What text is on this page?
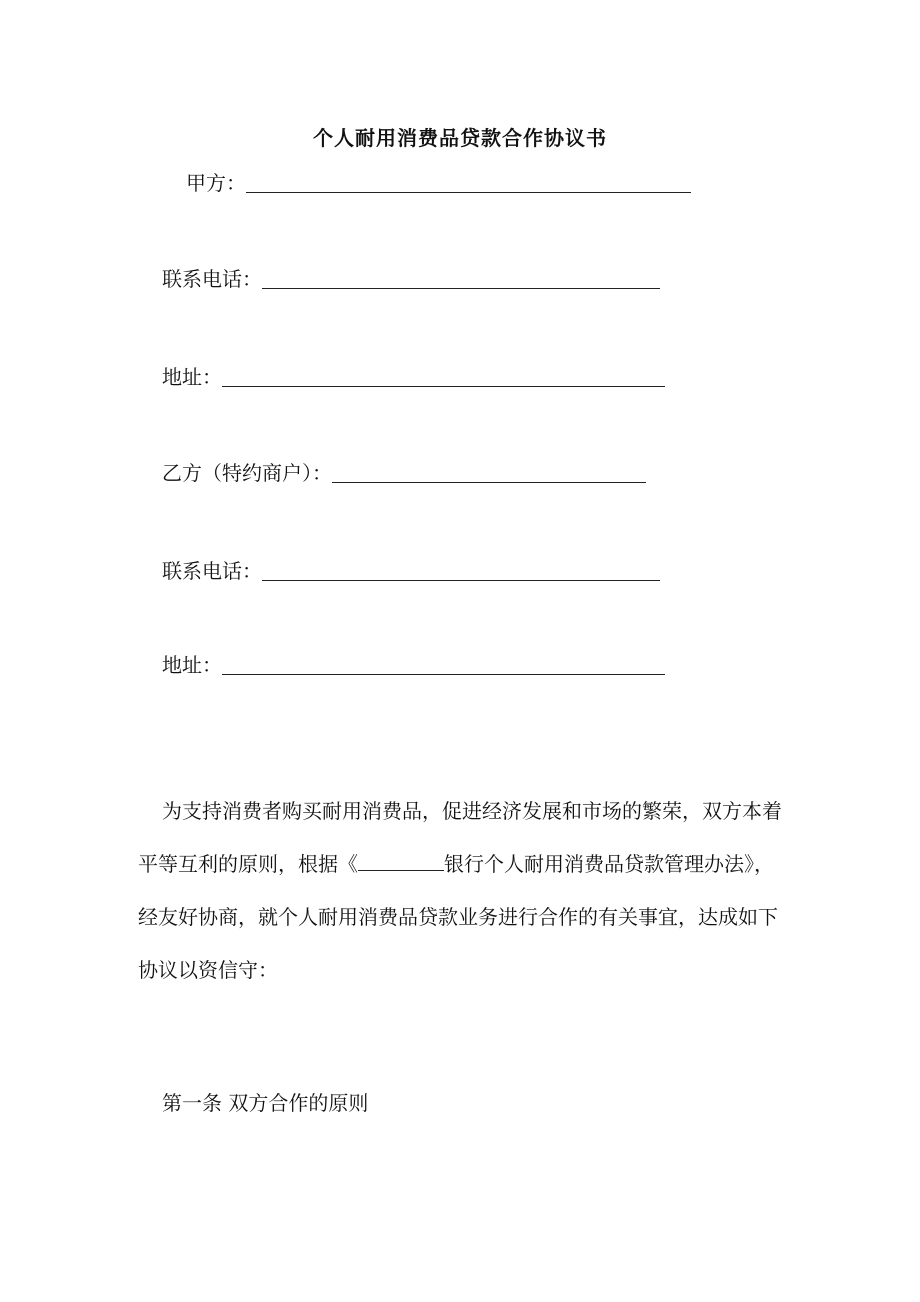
个人耐用消费品贷款合作协议书
甲方：
联系电话：
地址：
乙方（特约商户）：
联系电话：
地址：

为支持消费者购买耐用消费品，促进经济发展和市场的繁荣，双方本着平等互利的原则，根据《	银行个人耐用消费品贷款管理办法》，经友好协商，就个人耐用消费品贷款业务进行合作的有关事宜，达成如下协议以资信守：

第一条 双方合作的原则
